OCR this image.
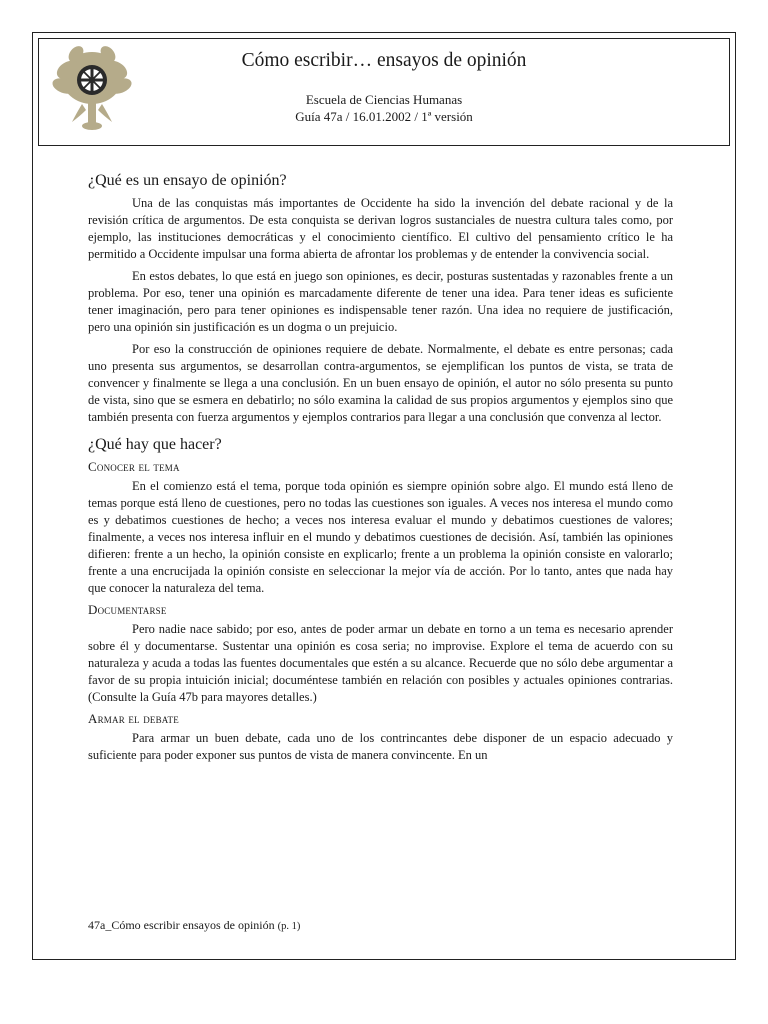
Cómo escribir… ensayos de opinión
Escuela de Ciencias Humanas
Guía 47a / 16.01.2002 / 1ª versión
¿Qué es un ensayo de opinión?

Una de las conquistas más importantes de Occidente ha sido la invención del debate racional y de la revisión crítica de argumentos. De esta conquista se derivan logros sustanciales de nuestra cultura tales como, por ejemplo, las instituciones democráticas y el conocimiento científico. El cultivo del pensamiento crítico le ha permitido a Occidente impulsar una forma abierta de afrontar los problemas y de entender la convivencia social.

En estos debates, lo que está en juego son opiniones, es decir, posturas sustentadas y razonables frente a un problema. Por eso, tener una opinión es marcadamente diferente de tener una idea. Para tener ideas es suficiente tener imaginación, pero para tener opiniones es indispensable tener razón. Una idea no requiere de justificación, pero una opinión sin justificación es un dogma o un prejuicio.

Por eso la construcción de opiniones requiere de debate. Normalmente, el debate es entre personas; cada uno presenta sus argumentos, se desarrollan contra-argumentos, se ejemplifican los puntos de vista, se trata de convencer y finalmente se llega a una conclusión. En un buen ensayo de opinión, el autor no sólo presenta su punto de vista, sino que se esmera en debatirlo; no sólo examina la calidad de sus propios argumentos y ejemplos sino que también presenta con fuerza argumentos y ejemplos contrarios para llegar a una conclusión que convenza al lector.

¿Qué hay que hacer?
Conocer el tema

En el comienzo está el tema, porque toda opinión es siempre opinión sobre algo. El mundo está lleno de temas porque está lleno de cuestiones, pero no todas las cuestiones son iguales. A veces nos interesa el mundo como es y debatimos cuestiones de hecho; a veces nos interesa evaluar el mundo y debatimos cuestiones de valores; finalmente, a veces nos interesa influir en el mundo y debatimos cuestiones de decisión. Así, también las opiniones difieren: frente a un hecho, la opinión consiste en explicarlo; frente a un problema la opinión consiste en valorarlo; frente a una encrucijada la opinión consiste en seleccionar la mejor vía de acción. Por lo tanto, antes que nada hay que conocer la naturaleza del tema.

Documentarse

Pero nadie nace sabido; por eso, antes de poder armar un debate en torno a un tema es necesario aprender sobre él y documentarse. Sustentar una opinión es cosa seria; no improvise. Explore el tema de acuerdo con su naturaleza y acuda a todas las fuentes documentales que estén a su alcance. Recuerde que no sólo debe argumentar a favor de su propia intuición inicial; documéntese también en relación con posibles y actuales opiniones contrarias. (Consulte la Guía 47b para mayores detalles.)

Armar el debate

Para armar un buen debate, cada uno de los contrincantes debe disponer de un espacio adecuado y suficiente para poder exponer sus puntos de vista de manera convincente. En un

47a_Cómo escribir ensayos de opinión (p. 1)
